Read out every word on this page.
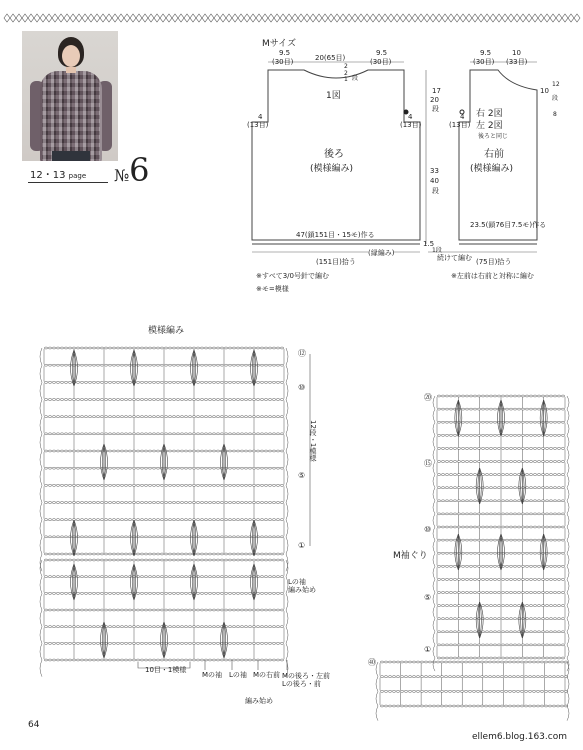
12・13 page №6
Mサイズ
9.5
(30目)	20(65目)
9.5
(30目)
2
2
1 段
1図
4
(13目)
4
(13目)
後ろ
(模様編み)
17
20
段
33
40
段
47(鎖151目・15モ)作る
(縁編み)
1.5
1段
(151目)拾う
9.5
(30目)
10
(33目)
10
12
段
8
4
(13目)
右 2図
左 2図
後ろと同じ
右前
(模様編み)
23.5(鎖76目7.5モ)作る
続けて編む (75目)拾う
※すべて3/0号針で編む
※モ=模様
※左前は右前と対称に編む
模様編み
⑫
⑩
⑤
①
12段・1模様
Lの袖
編み始め
10目・1模様
Mの袖 Lの袖 Mの右前 Mの後ろ・左前
Lの後ろ・前
編み始め
M袖ぐり
⑳
⑮
⑩
⑤
①
㊵
64
ellem6.blog.163.com
